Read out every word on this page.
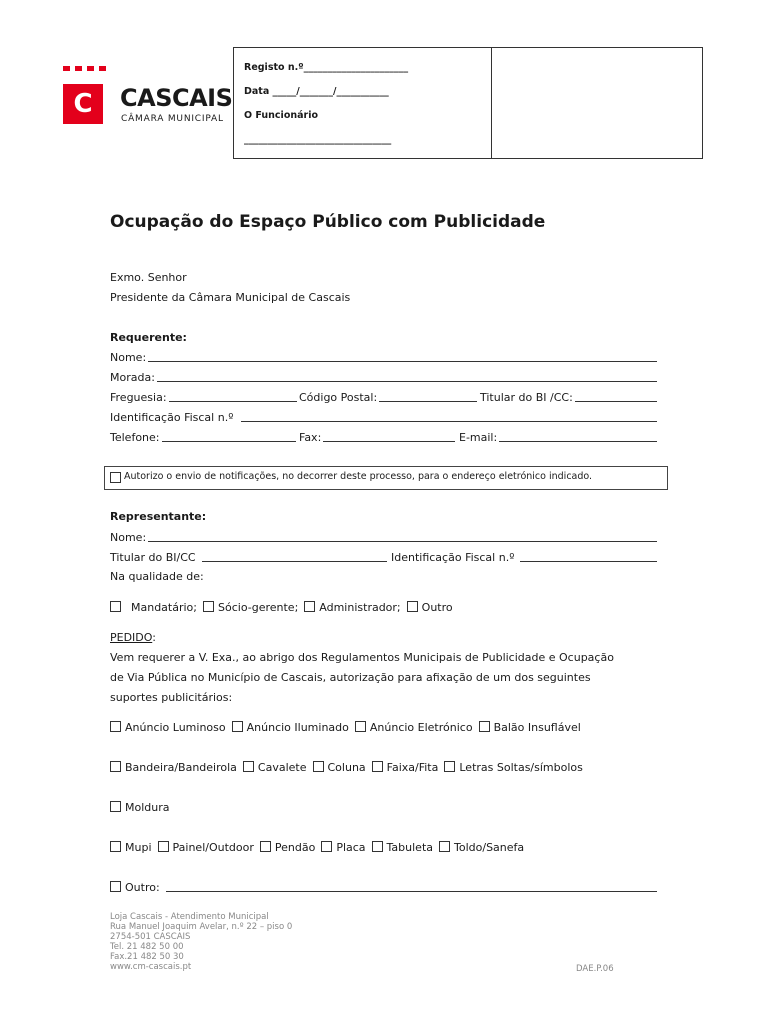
C	CASCAIS
CÂMARA MUNICIPAL
Registo n.º______________________
Data _____/_______/___________
O Funcionário
_______________________________
Ocupação do Espaço Público com Publicidade
Exmo. Senhor
Presidente da Câmara Municipal de Cascais
Requerente:
Nome:
Morada:
Freguesia:	Código Postal:	Titular do BI /CC:
Identificação Fiscal n.º
Telefone:	Fax:	E-mail:
Autorizo o envio de notificações, no decorrer deste processo, para o endereço eletrónico indicado.
Representante:
Nome:
Titular do BI/CC	Identificação Fiscal n.º
Na qualidade de:
Mandatário; Sócio-gerente; Administrador; Outro
PEDIDO:
Vem requerer a V. Exa., ao abrigo dos Regulamentos Municipais de Publicidade e Ocupação
de Via Pública no Município de Cascais, autorização para afixação de um dos seguintes
suportes publicitários:
Anúncio Luminoso Anúncio Iluminado Anúncio Eletrónico Balão Insuflável
Bandeira/Bandeirola Cavalete Coluna Faixa/Fita Letras Soltas/símbolos
Moldura
Mupi Painel/Outdoor Pendão Placa Tabuleta Toldo/Sanefa
Outro:
Loja Cascais - Atendimento Municipal
Rua Manuel Joaquim Avelar, n.º 22 – piso 0
2754-501 CASCAIS
Tel. 21 482 50 00
Fax.21 482 50 30
www.cm-cascais.pt	DAE.P.06
